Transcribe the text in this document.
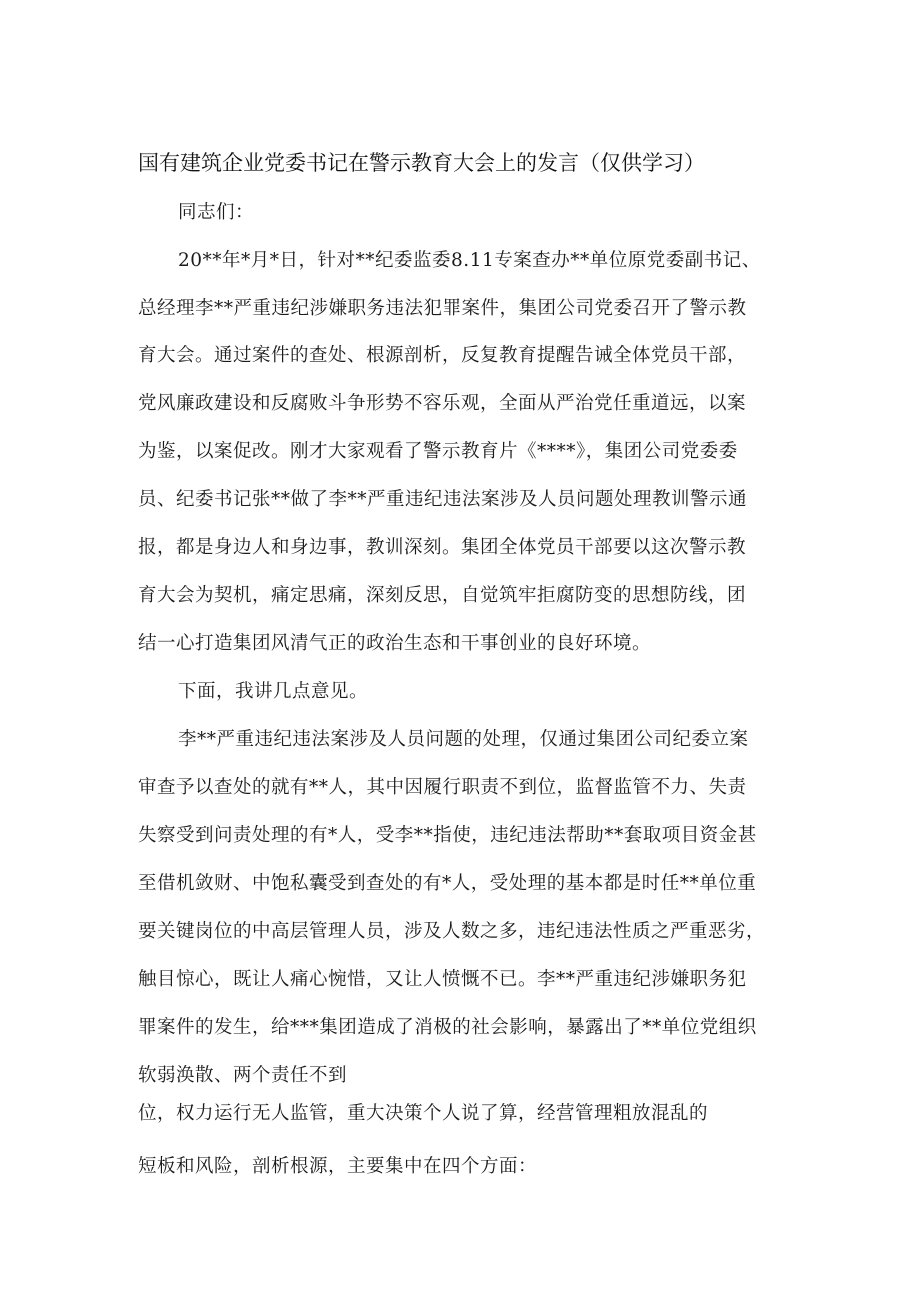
国有建筑企业党委书记在警示教育大会上的发言（仅供学习）
同志们：
20**年*月*日，针对**纪委监委8.11专案查办**单位原党委副书记、
总经理李**严重违纪涉嫌职务违法犯罪案件，集团公司党委召开了警示教
育大会。通过案件的查处、根源剖析，反复教育提醒告诫全体党员干部，
党风廉政建设和反腐败斗争形势不容乐观，全面从严治党任重道远，以案
为鉴，以案促改。刚才大家观看了警示教育片《****》，集团公司党委委
员、纪委书记张**做了李**严重违纪违法案涉及人员问题处理教训警示通
报，都是身边人和身边事，教训深刻。集团全体党员干部要以这次警示教
育大会为契机，痛定思痛，深刻反思，自觉筑牢拒腐防变的思想防线，团
结一心打造集团风清气正的政治生态和干事创业的良好环境。
下面，我讲几点意见。
李**严重违纪违法案涉及人员问题的处理，仅通过集团公司纪委立案
审查予以查处的就有**人，其中因履行职责不到位，监督监管不力、失责
失察受到问责处理的有*人，受李**指使，违纪违法帮助**套取项目资金甚
至借机敛财、中饱私囊受到查处的有*人，受处理的基本都是时任**单位重
要关键岗位的中高层管理人员，涉及人数之多，违纪违法性质之严重恶劣，
触目惊心，既让人痛心惋惜，又让人愤慨不已。李**严重违纪涉嫌职务犯
罪案件的发生，给***集团造成了消极的社会影响，暴露出了**单位党组织
软弱涣散、两个责任不到
位，权力运行无人监管，重大决策个人说了算，经营管理粗放混乱的
短板和风险，剖析根源，主要集中在四个方面：
